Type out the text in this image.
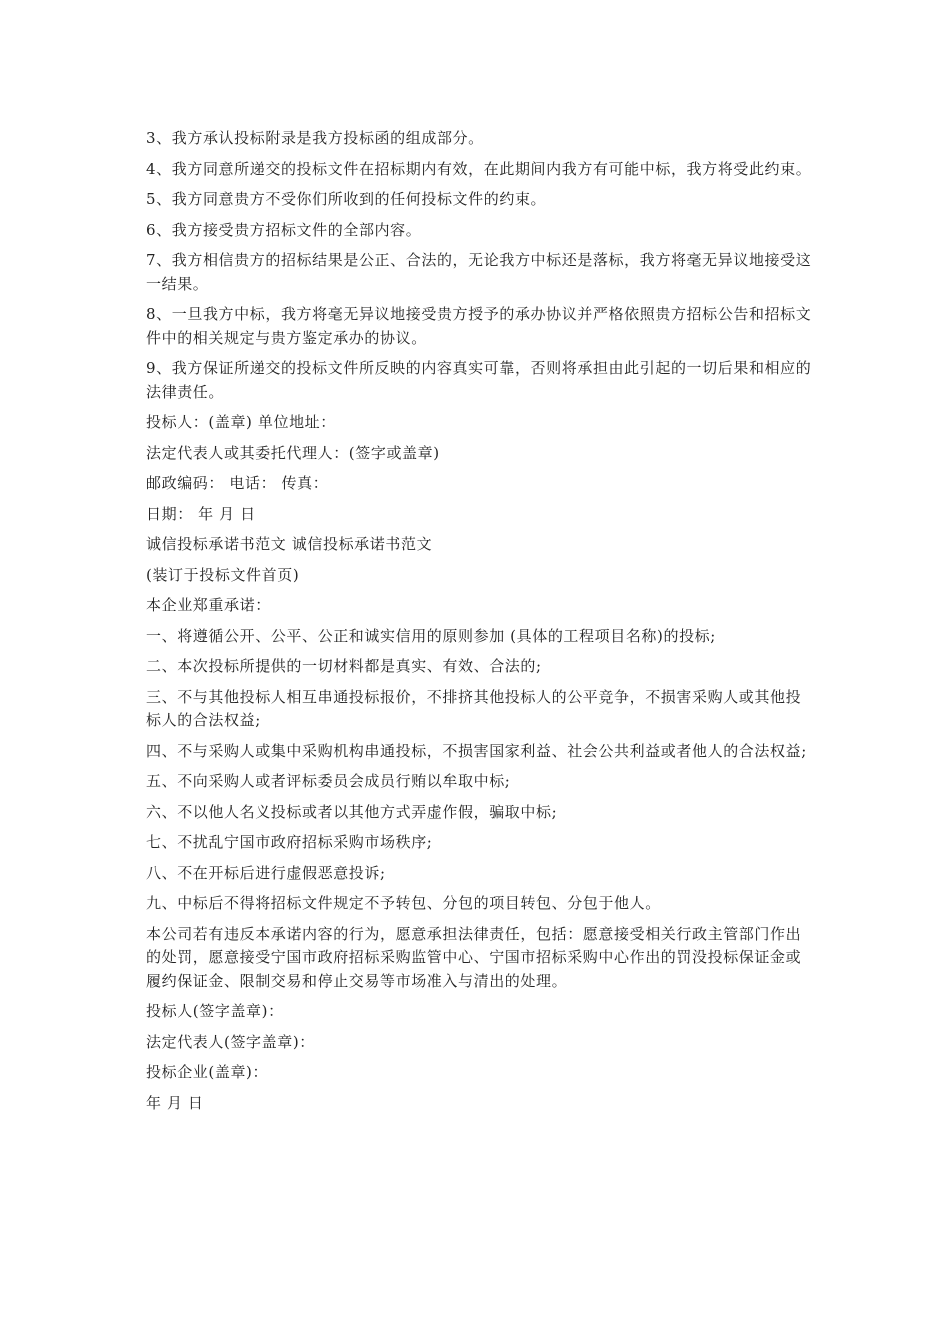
3、我方承认投标附录是我方投标函的组成部分。

4、我方同意所递交的投标文件在招标期内有效，在此期间内我方有可能中标，我方将受此约束。

5、我方同意贵方不受你们所收到的任何投标文件的约束。

6、我方接受贵方招标文件的全部内容。

7、我方相信贵方的招标结果是公正、合法的，无论我方中标还是落标，我方将毫无异议地接受这一结果。

8、一旦我方中标，我方将毫无异议地接受贵方授予的承办协议并严格依照贵方招标公告和招标文件中的相关规定与贵方鉴定承办的协议。

9、我方保证所递交的投标文件所反映的内容真实可靠，否则将承担由此引起的一切后果和相应的法律责任。

投标人：(盖章) 单位地址：

法定代表人或其委托代理人：(签字或盖章)

邮政编码： 电话： 传真：

日期： 年 月 日

诚信投标承诺书范文 诚信投标承诺书范文

(装订于投标文件首页)

本企业郑重承诺：

一、将遵循公开、公平、公正和诚实信用的原则参加 (具体的工程项目名称)的投标;

二、本次投标所提供的一切材料都是真实、有效、合法的;

三、不与其他投标人相互串通投标报价，不排挤其他投标人的公平竞争，不损害采购人或其他投标人的合法权益;

四、不与采购人或集中采购机构串通投标，不损害国家利益、社会公共利益或者他人的合法权益;

五、不向采购人或者评标委员会成员行贿以牟取中标;

六、不以他人名义投标或者以其他方式弄虚作假，骗取中标;

七、不扰乱宁国市政府招标采购市场秩序;

八、不在开标后进行虚假恶意投诉;

九、中标后不得将招标文件规定不予转包、分包的项目转包、分包于他人。

本公司若有违反本承诺内容的行为，愿意承担法律责任，包括：愿意接受相关行政主管部门作出的处罚，愿意接受宁国市政府招标采购监管中心、宁国市招标采购中心作出的罚没投标保证金或履约保证金、限制交易和停止交易等市场准入与清出的处理。

投标人(签字盖章)：

法定代表人(签字盖章)：

投标企业(盖章)：

年 月 日
